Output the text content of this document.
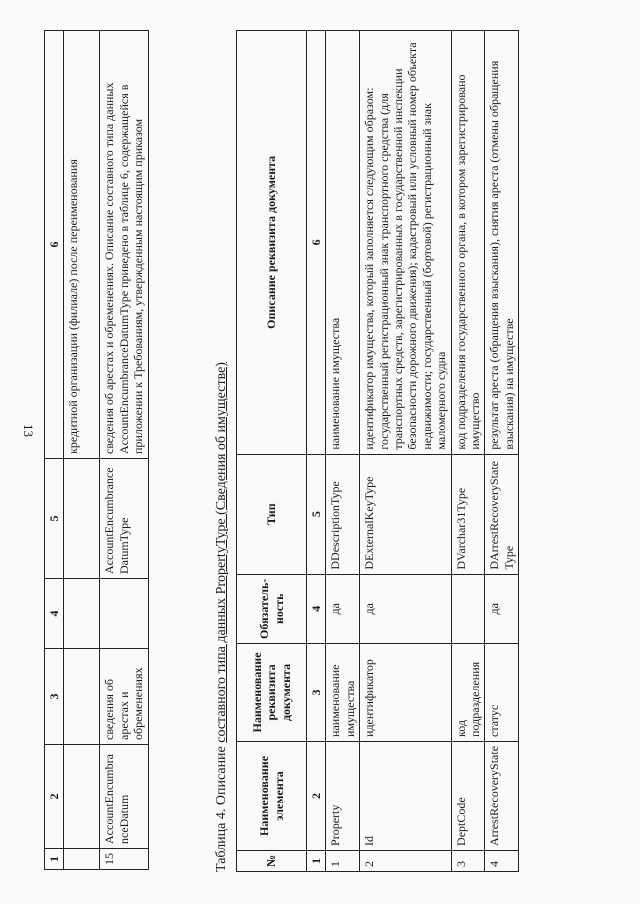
13
1	2	3	4	5	6
					кредитной организации (филиале) после переименования
15	AccountEncumbranceDatum	сведения об арестах и обременениях		AccountEncumbranceDatumType	сведения об арестах и обременениях. Описание составного типа данных AccountEncumbranceDatumType приведено в таблице 6, содержащейся в приложении к Требованиям, утвержденным настоящим приказом
Таблица 4. Описание составного типа данных PropertyType (Сведения об имуществе)
№	Наименование элемента	Наименование реквизита документа	Обязатель-ность	Тип	Описание реквизита документа
1	2	3	4	5	6
1	Property	наименование имущества	да	DDescriptionType	наименование имущества
2	Id	идентификатор	да	DExternalKeyType	идентификатор имущества, который заполняется следующим образом: государственный регистрационный знак транспортного средства (для транспортных средств, зарегистрированных в государственной инспекции безопасности дорожного движения); кадастровый или условный номер объекта недвижимости; государственный (бортовой) регистрационный знак маломерного судна
3	DeptCode	код подразделения		DVarchar31Type	код подразделения государственного органа, в котором зарегистрировано имущество
4	ArrestRecoveryState	статус	да	DArrestRecoveryStateType	результат ареста (обращения взыскания), снятия ареста (отмены обращения взыскания) на имуществе
